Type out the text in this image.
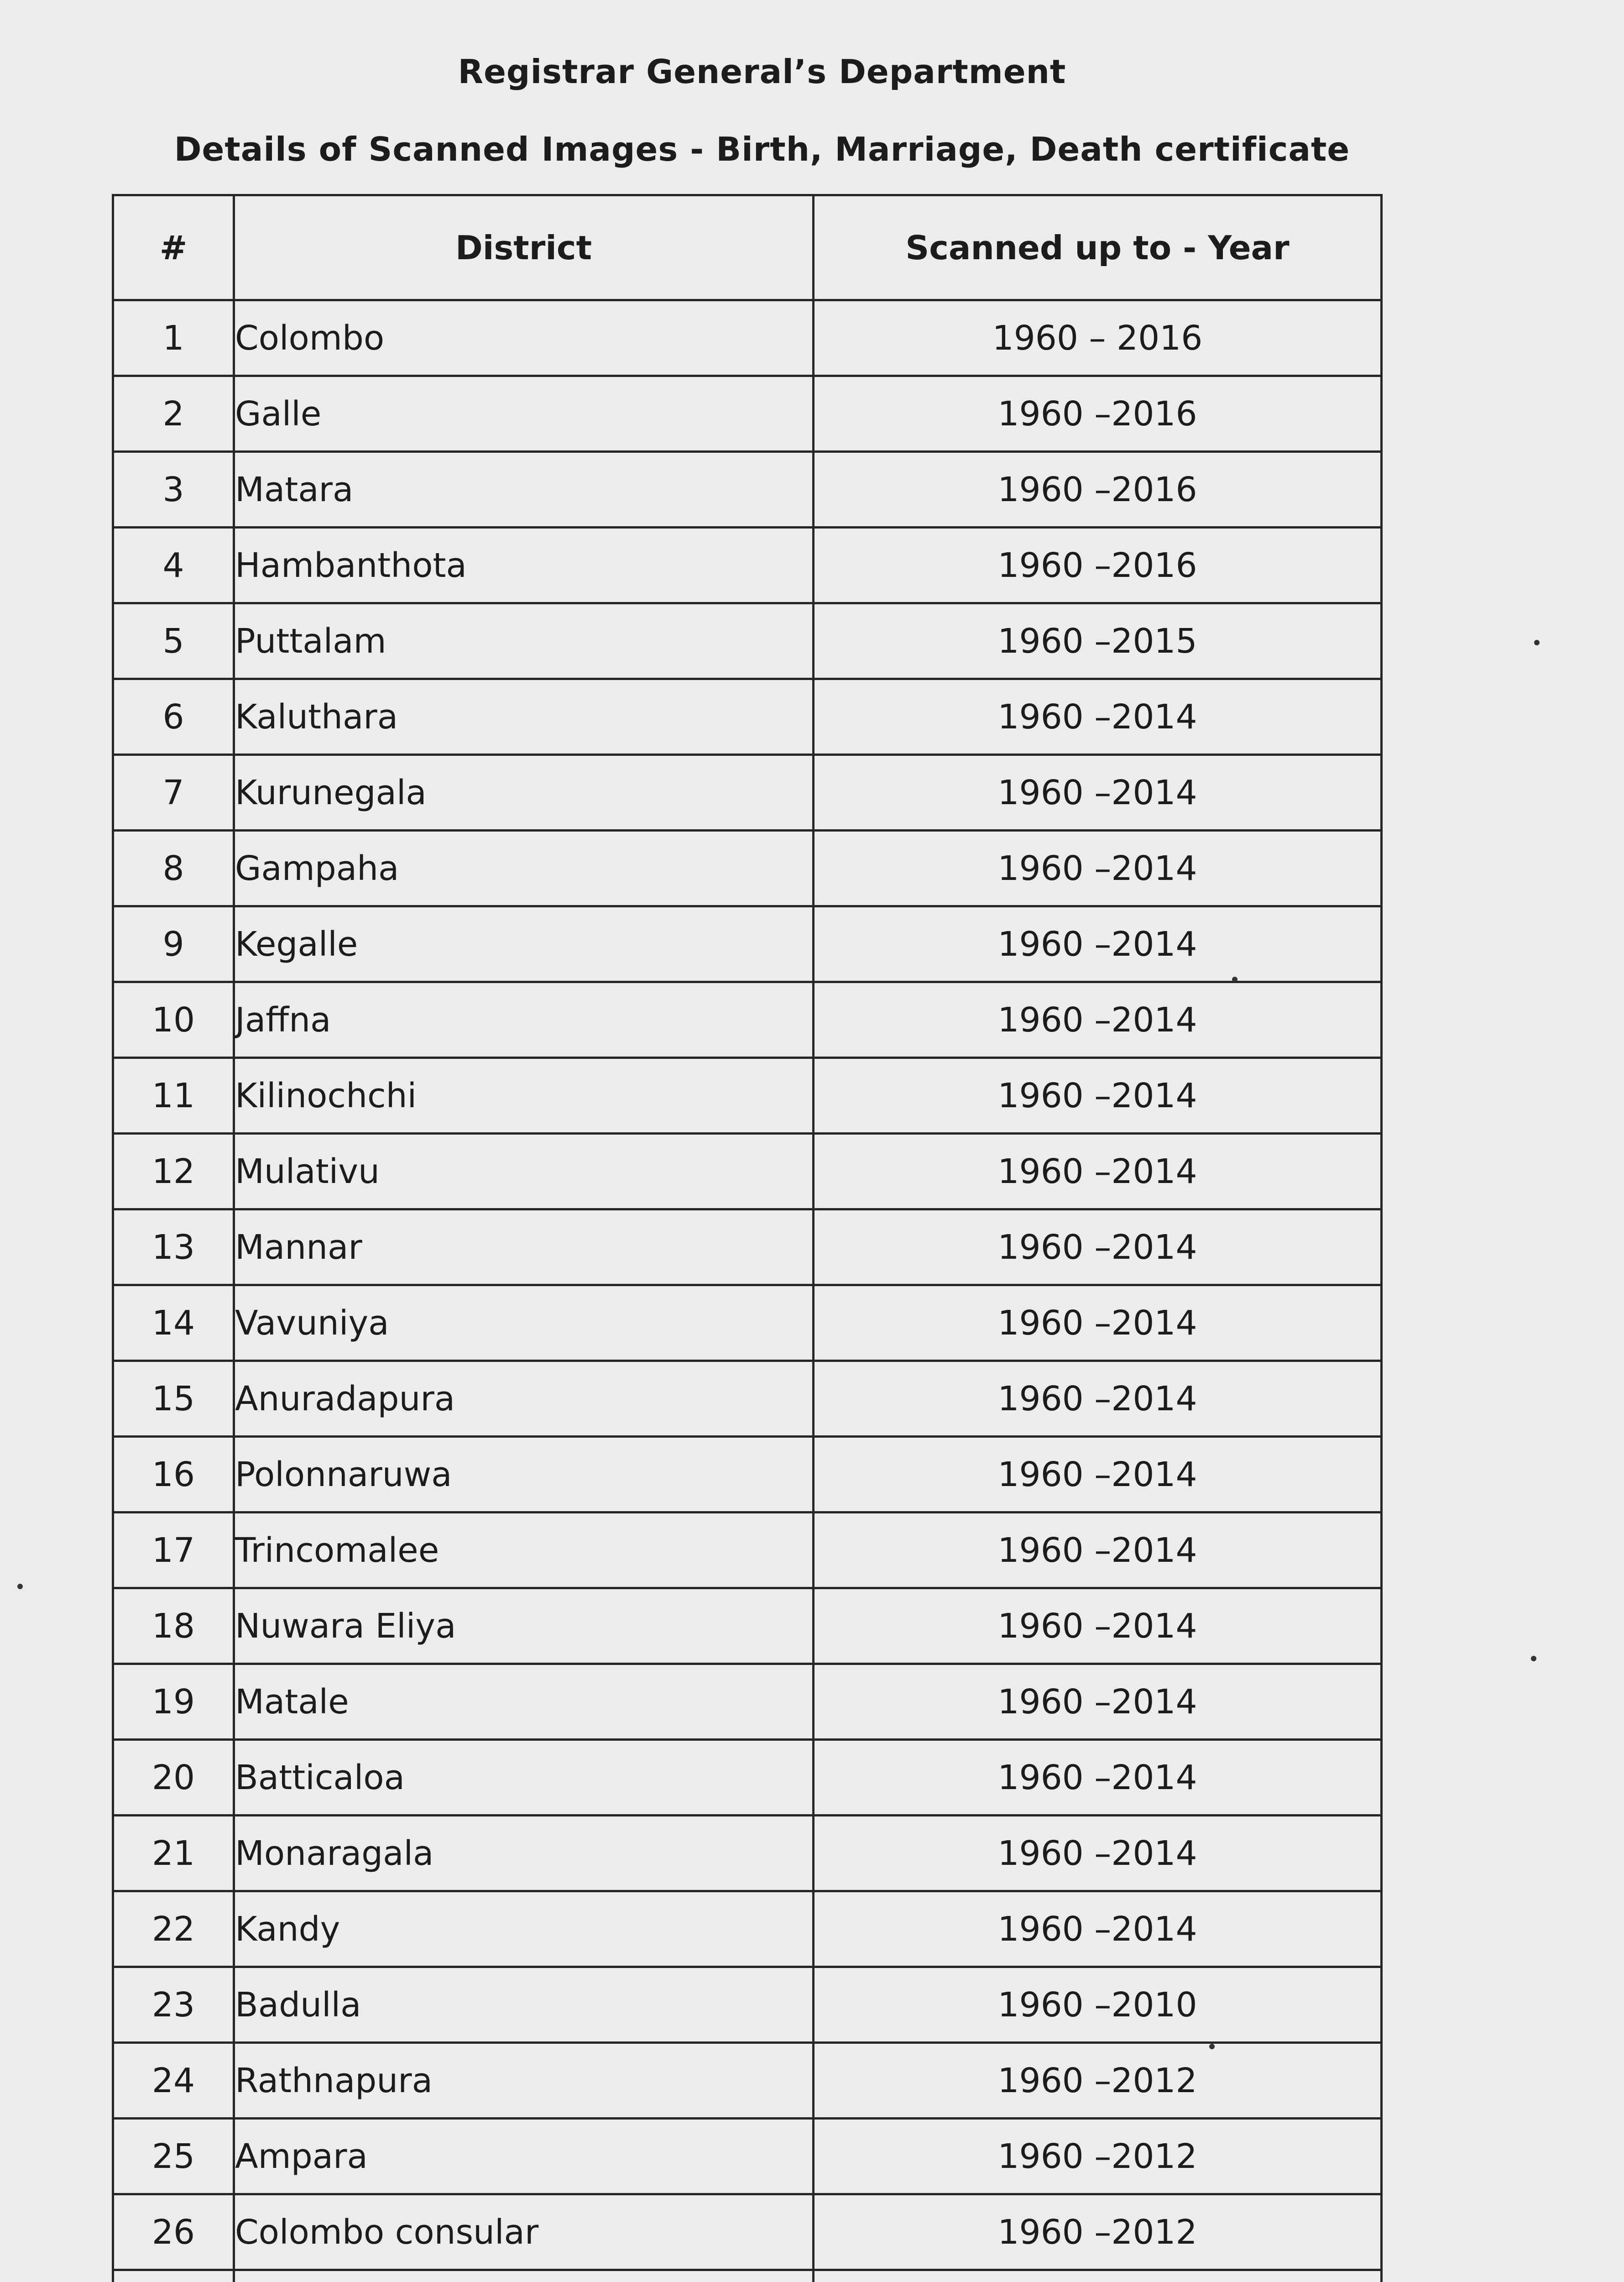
Registrar General’s Department
Details of Scanned Images - Birth, Marriage, Death certificate
#	District	Scanned up to - Year
1	Colombo	1960 – 2016
2	Galle	1960 –2016
3	Matara	1960 –2016
4	Hambanthota	1960 –2016
5	Puttalam	1960 –2015
6	Kaluthara	1960 –2014
7	Kurunegala	1960 –2014
8	Gampaha	1960 –2014
9	Kegalle	1960 –2014
10	Jaffna	1960 –2014
11	Kilinochchi	1960 –2014
12	Mulativu	1960 –2014
13	Mannar	1960 –2014
14	Vavuniya	1960 –2014
15	Anuradapura	1960 –2014
16	Polonnaruwa	1960 –2014
17	Trincomalee	1960 –2014
18	Nuwara Eliya	1960 –2014
19	Matale	1960 –2014
20	Batticaloa	1960 –2014
21	Monaragala	1960 –2014
22	Kandy	1960 –2014
23	Badulla	1960 –2010
24	Rathnapura	1960 –2012
25	Ampara	1960 –2012
26	Colombo consular	1960 –2012
